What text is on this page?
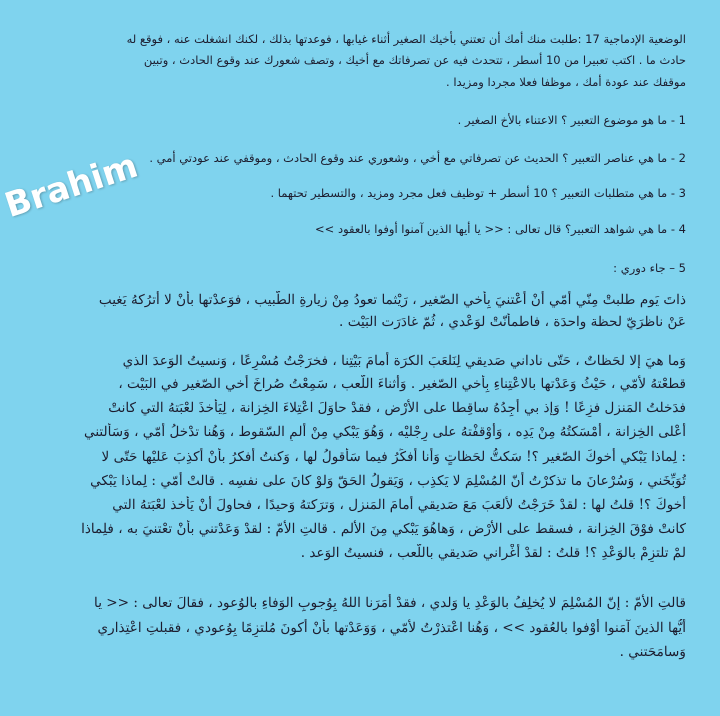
الوضعية الإدماجية 17 :طلبت منك أمك أن تعتني بأخيك الصغير أثناء غيابها ، فوعدتها بذلك ، لكنك انشغلت عنه ، فوقع له
حادث ما . اكتب تعبيرا من 10 أسطر ، تتحدث فيه عن تصرفاتك مع أخيك ، وتصف شعورك عند وقوع الحادث ، وتبين
موقفك عند عودة أمك ، موظفا فعلا مجردا ومزيدا .
1 - ما هو موضوع التعبير ؟ الاعتناء بالأخ الصغير .
2 - ما هي عناصر التعبير ؟ الحديث عن تصرفاتي مع أخي ، وشعوري عند وقوع الحادث ، وموقفي عند عودتي أمي .
3 - ما هي متطلبات التعبير ؟ 10 أسطر + توظيف فعل مجرد ومزيد ، والتسطير تحتهما .
4 - ما هي شواهد التعبير؟ قال تعالى : << يا أيها الذين آمنوا أوفوا بالعقود >>
5 – جاء دوري :
ذاتَ يَوم طلبتْ مِنّي أمّي أنْ أعْتنيَ بِأخي الصّغير ، رَيْثما تعودُ مِنْ زيارةِ الطّبيب ، فوَعدْتها بأنْ لا أترُكهُ يَغيب
عَنْ ناظرَيّ لحظة واحدَة ، فاطمأنّتْ لوَعْدي ، ثُمّ غادَرَت البَيْت .
وَما هيَ إلا لحَظاتٌ ، حَتّى ناداني صَديقي لِنَلعَبَ الكرَة أمامَ بَيْتِنا ، فخرَجْتُ مُسْرِعًا ، وَنسيتُ الوَعدَ الذي
قطعْتهُ لأمّي ، حَيْثُ وَعَدْتها بالاعْتِناءِ بِأخي الصّغير . وَأثناءَ اللّعب ، سَمِعْتُ صُراخَ أخي الصّغير في البَيْت ،
فدَخلتُ المَنزل فزِعًا ! وَإذ بي أجِدُهُ ساقِطا على الأرْض ، فقدْ حاوَلَ اعْتِلاءَ الخِزانة ، لِيَأخذَ لعْبَتهُ التي كانتْ
أعْلى الخِزانة ، أمْسَكتُهُ مِنْ يَدِه ، وَأوْقفْتهُ على رِجْليْه ، وَهُوَ يَبْكي مِنْ ألمِ السّقوط ، وَهُنا تدْخلُ أمّي ، وَسَألتني
: لِماذا يَبْكي أخوكَ الصّغير ؟! سَكتُّ لحَظاتٍ وَأنا أفكِّرُ فيما سَأقولُ لها ، وَكنتُ أفكرُ بأنْ أكذِبَ عَليْها حَتّى لا
تُوَبِّخَني ، وَسُرْعانَ ما تذكرْتُ أنّ المُسْلِمَ لا يَكذِب ، وَيَقولُ الحَقّ وَلوْ كانَ على نفسِه . قالتْ أمّي : لِماذا يَبْكي
أخوكَ ؟! قلتُ لها : لقدْ خَرَجْتُ لألعَبَ مَعَ صَديقي أمامَ المَنزل ، وَترَكتهُ وَحيدًا ، فحاولَ أنْ يَأخذ لعْبَتهُ التي
كانتْ فوْقَ الخِزانة ، فسقط على الأرْض ، وَهاهُوَ يَبْكي مِنَ الألم . قالتِ الأمّ : لقدْ وَعَدْتني بأنْ تعْتنيَ به ، فلِماذا
لمْ تلتزِمْ بالوَعْدِ ؟! قلتُ : لقدْ أغْراني صَديقي باللّعب ، فنسيتُ الوَعد .
قالتِ الأمّ : إنّ المُسْلِمَ لا يُخلِفُ بالوَعْدِ يا وَلدي ، فقدْ أمَرَنا اللهُ بِوُجوبِ الوَفاءِ بالوُعود ، فقالَ تعالى : << يا
أيُّها الذينَ آمَنوا أوْفوا بالعُقود >> ، وَهُنا اعْتذرْتُ لأمّي ، وَوَعَدْتها بأنْ أكونَ مُلتزِمًا بِوُعودي ، فقبلتِ اعْتِذاري
وَسامَحَتني .
Brahim
